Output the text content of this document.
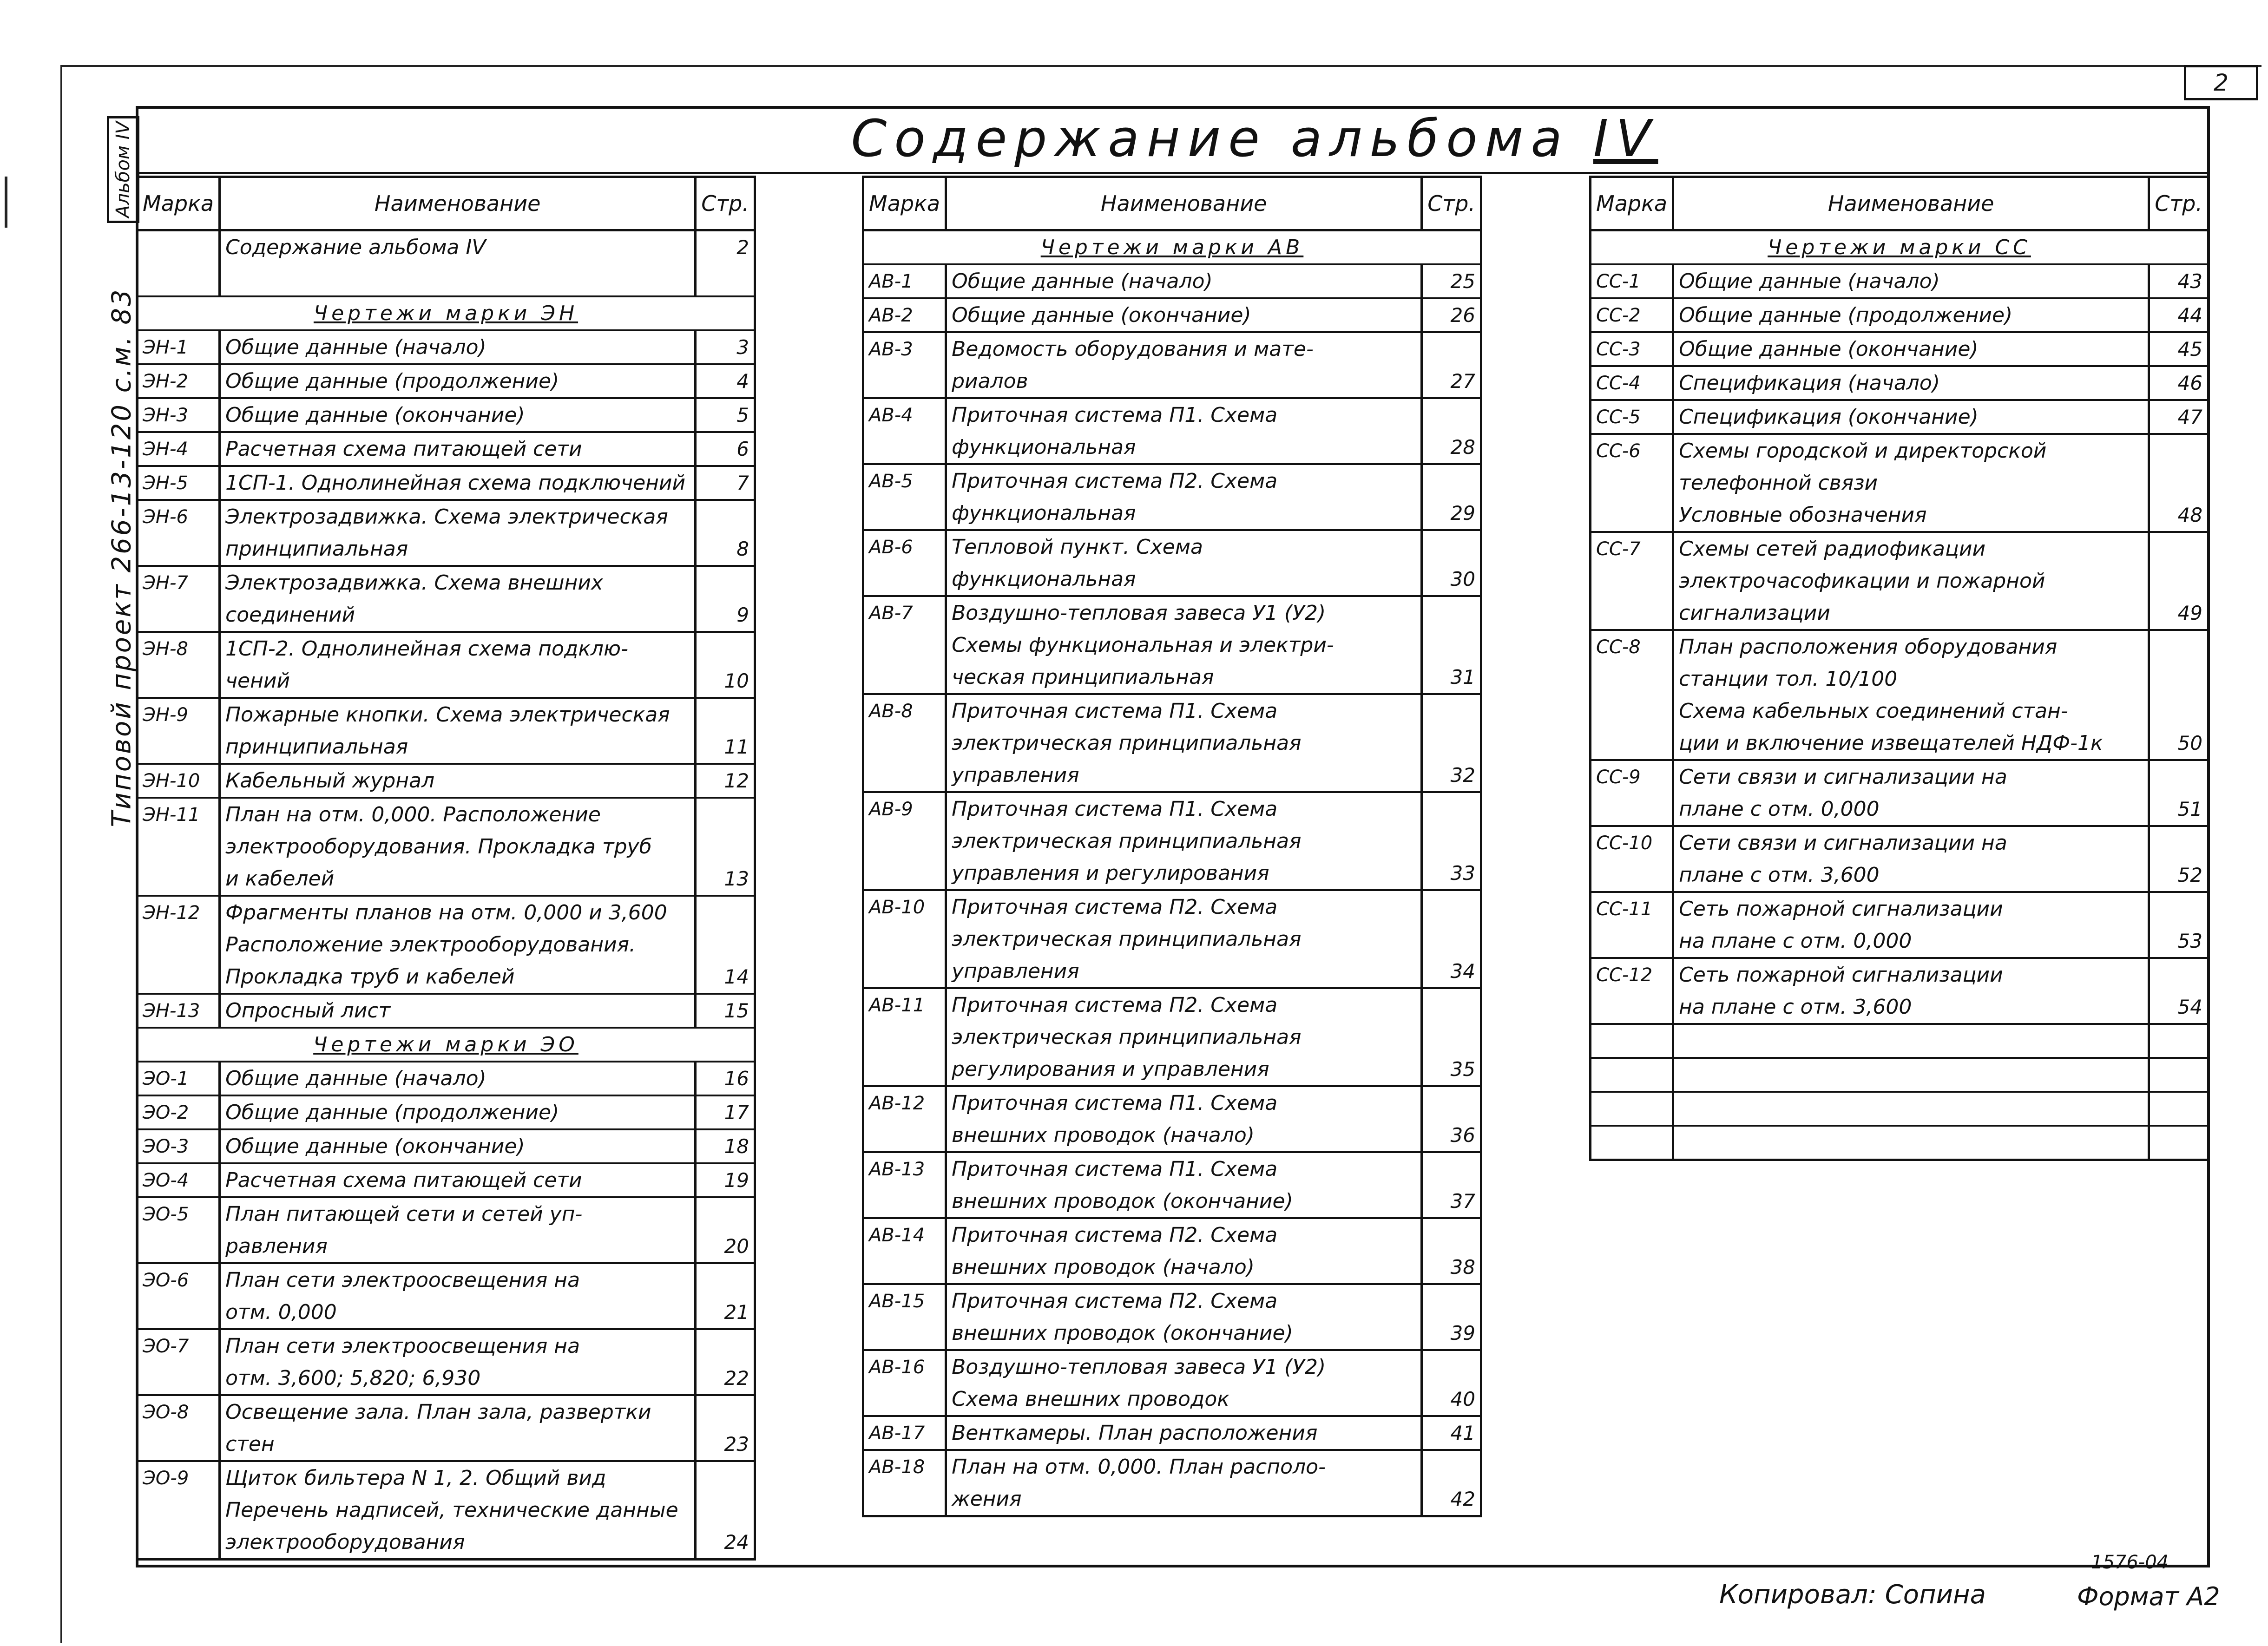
2
Альбом IV
Типовой проект 266-13-120 с.м. 83
Содержание альбома IV
Марка	Наименование	Стр.
	Содержание альбома IV	2

Чертежи марки ЭН		
ЭН-1	Общие данные (начало)	3
ЭН-2	Общие данные (продолжение)	4
ЭН-3	Общие данные (окончание)	5
ЭН-4	Расчетная схема питающей сети	6
ЭН-5	1СП-1. Однолинейная схема подключений	7
ЭН-6	Электрозадвижка. Схема электрическая	
	принципиальная	8
ЭН-7	Электрозадвижка. Схема внешних	
	соединений	9
ЭН-8	1СП-2. Однолинейная схема подклю-	
	чений	10
ЭН-9	Пожарные кнопки. Схема электрическая	
	принципиальная	11
ЭН-10	Кабельный журнал	12
ЭН-11	План на отм. 0,000. Расположение	
	электрооборудования. Прокладка труб	
	и кабелей	13
ЭН-12	Фрагменты планов на отм. 0,000 и 3,600	
	Расположение электрооборудования.	
	Прокладка труб и кабелей	14
ЭН-13	Опросный лист	15
Чертежи марки ЭО		
ЭО-1	Общие данные (начало)	16
ЭО-2	Общие данные (продолжение)	17
ЭО-3	Общие данные (окончание)	18
ЭО-4	Расчетная схема питающей сети	19
ЭО-5	План питающей сети и сетей уп-	
	равления	20
ЭО-6	План сети электроосвещения на	
	отм. 0,000	21
ЭО-7	План сети электроосвещения на	
	отм. 3,600; 5,820; 6,930	22
ЭО-8	Освещение зала. План зала, развертки	
	стен	23
ЭО-9	Щиток бильтера N 1, 2. Общий вид	
	Перечень надписей, технические данные	
	электрооборудования	24
Марка	Наименование	Стр.
Чертежи марки АВ		
АВ-1	Общие данные (начало)	25
АВ-2	Общие данные (окончание)	26
АВ-3	Ведомость оборудования и мате-	
	риалов	27
АВ-4	Приточная система П1. Схема	
	функциональная	28
АВ-5	Приточная система П2. Схема	
	функциональная	29
АВ-6	Тепловой пункт. Схема	
	функциональная	30
АВ-7	Воздушно-тепловая завеса У1 (У2)	
	Схемы функциональная и электри-	
	ческая принципиальная	31
АВ-8	Приточная система П1. Схема	
	электрическая принципиальная	
	управления	32
АВ-9	Приточная система П1. Схема	
	электрическая принципиальная	
	управления и регулирования	33
АВ-10	Приточная система П2. Схема	
	электрическая принципиальная	
	управления	34
АВ-11	Приточная система П2. Схема	
	электрическая принципиальная	
	регулирования и управления	35
АВ-12	Приточная система П1. Схема	
	внешних проводок (начало)	36
АВ-13	Приточная система П1. Схема	
	внешних проводок (окончание)	37
АВ-14	Приточная система П2. Схема	
	внешних проводок (начало)	38
АВ-15	Приточная система П2. Схема	
	внешних проводок (окончание)	39
АВ-16	Воздушно-тепловая завеса У1 (У2)	
	Схема внешних проводок	40
АВ-17	Венткамеры. План расположения	41
АВ-18	План на отм. 0,000. План располо-	
	жения	42
Марка	Наименование	Стр.
Чертежи марки СС		
СС-1	Общие данные (начало)	43
СС-2	Общие данные (продолжение)	44
СС-3	Общие данные (окончание)	45
СС-4	Спецификация (начало)	46
СС-5	Спецификация (окончание)	47
СС-6	Схемы городской и директорской	
	телефонной связи	
	Условные обозначения	48
СС-7	Схемы сетей радиофикации	
	электрочасофикации и пожарной	
	сигнализации	49
СС-8	План расположения оборудования	
	станции тол. 10/100	
	Схема кабельных соединений стан-	
	ции и включение извещателей НДФ-1к	50
СС-9	Сети связи и сигнализации на	
	плане с отм. 0,000	51
СС-10	Сети связи и сигнализации на	
	плане с отм. 3,600	52
СС-11	Сеть пожарной сигнализации	
	на плане с отм. 0,000	53
СС-12	Сеть пожарной сигнализации	
	на плане с отм. 3,600	54

1576-04
Копировал: Сопина	Формат А2
